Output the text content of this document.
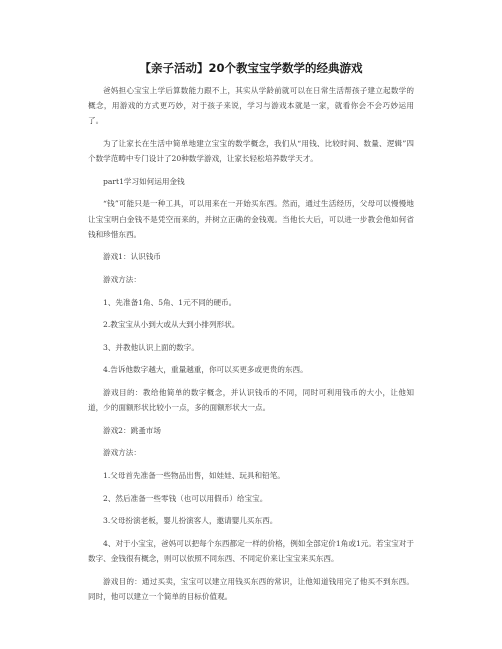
【亲子活动】20个教宝宝学数学的经典游戏

爸妈担心宝宝上学后算数能力跟不上，其实从学龄前就可以在日常生活帮孩子建立起数学的概念，用游戏的方式更巧妙，对于孩子来说，学习与游戏本就是一家，就看你会不会巧妙运用了。

为了让家长在生活中简单地建立宝宝的数学概念，我们从“用钱、比较时间、数量、逻辑”四个数学范畴中专门设计了20种数学游戏，让家长轻松培养数学天才。

part1学习如何运用金钱

“钱”可能只是一种工具，可以用来在一开始买东西。然而，通过生活经历，父母可以慢慢地让宝宝明白金钱不是凭空而来的，并树立正确的金钱观。当他长大后，可以进一步教会他如何省钱和珍惜东西。

游戏1：认识钱币

游戏方法：

1、先准备1角、5角、1元不同的硬币。

2.教宝宝从小到大或从大到小排列形状。

3、并教他认识上面的数字。

4.告诉他数字越大，重量越重，你可以买更多或更贵的东西。

游戏目的：教给他简单的数字概念，并认识钱币的不同，同时可利用钱币的大小，让他知道，少的面额形状比较小一点，多的面额形状大一点。

游戏2：跳蚤市场

游戏方法：

1.父母首先准备一些物品出售，如娃娃、玩具和铅笔。

2、然后准备一些零钱（也可以用假币）给宝宝。

3.父母扮演老板，婴儿扮演客人，邀请婴儿买东西。

4、对于小宝宝，爸妈可以把每个东西都定一样的价格，例如全部定价1角或1元。若宝宝对于数字、金钱很有概念，则可以依照不同东西、不同定价来让宝宝来买东西。

游戏目的：通过买卖，宝宝可以建立用钱买东西的常识，让他知道钱用完了他买不到东西。同时，他可以建立一个简单的目标价值观。
